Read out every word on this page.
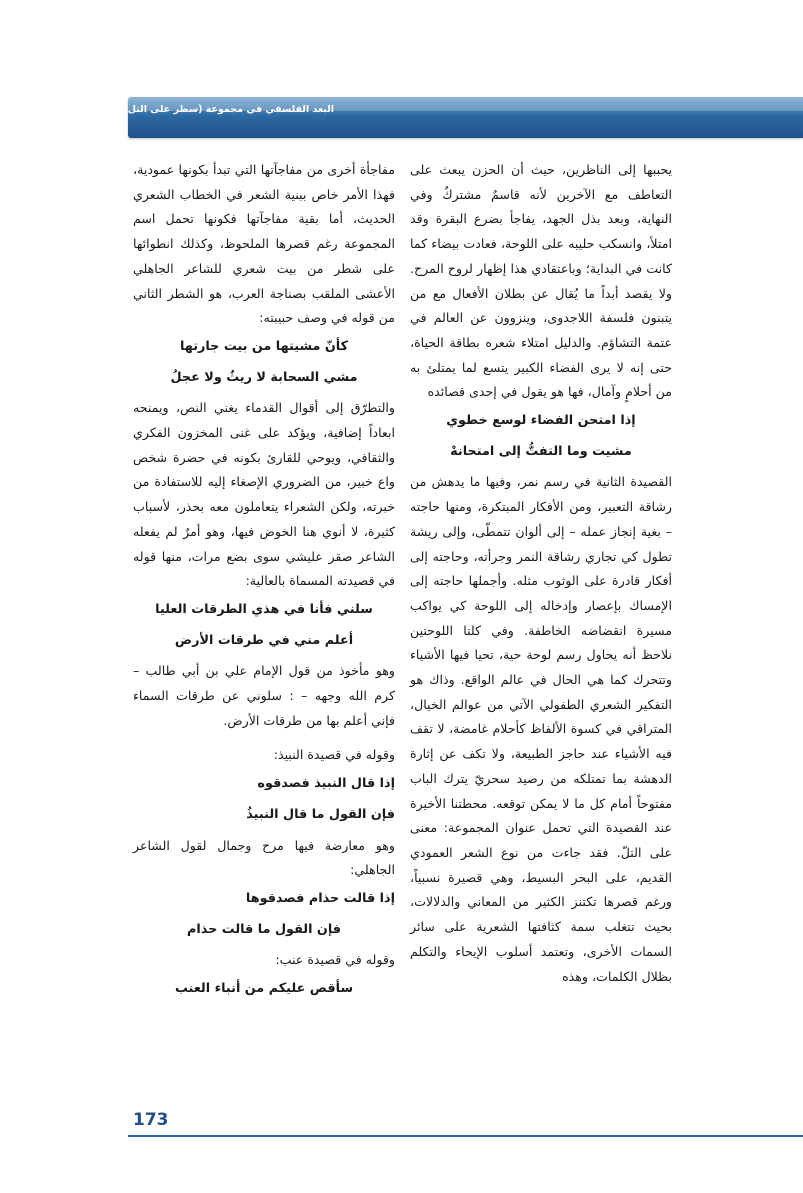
البعد الفلسفي في مجموعة (سطر على التل)

يحببها إلى الناظرين، حيث أن الحزن يبعث على التعاطف مع الآخرين لأنه قاسمٌ مشتركٌ وفي النهاية، وبعد بذل الجهد، يفاجأ بضرع البقرة وقد امتلأ، وانسكب حليبه على اللوحة، فعادت بيضاء كما كانت في البداية؛ وباعتقادي هذا إظهار لروح المرح. ولا يقصد أبداً ما يُقال عن بطلان الأفعال مع من يتبنون فلسفة اللاجدوى، وينزوون عن العالم في عتمة التشاؤم. والدليل امتلاء شعره بطاقة الحياة، حتى إنه لا يرى الفضاء الكبير يتسع لما يمتلئ به من أحلامٍ وآمال، فها هو يقول في إحدى قصائده

إذا امتحن الفضاء لوسع خطوي

مشيت وما التفتُّ إلى امتحانهْ

القصيدة الثانية في رسم نمر، وفيها ما يدهش من رشاقة التعبير، ومن الأفكار المبتكرة، ومنها حاجته – بغية إنجاز عمله – إلى ألوان تتمطّى، وإلى ريشة تطول كي تجاري رشاقة النمر وجرأته، وحاجته إلى أفكار قادرة على الوثوب مثله. وأجملها حاجته إلى الإمساك بإعصار وإدخاله إلى اللوحة كي يواكب مسيرة انقضاضه الخاطفة. وفي كلتا اللوحتين نلاحظ أنه يحاول رسم لوحة حية، تحيا فيها الأشياء وتتحرك كما هي الحال في عالم الواقع. وذاك هو التفكير الشعري الطفولي الآتي من عوالم الخيال، المتراقي في كسوة الألفاظ كأحلام غامضة، لا تقف فيه الأشياء عند حاجز الطبيعة، ولا تكف عن إثارة الدهشة بما تمتلكه من رصيد سحريّ يترك الباب مفتوحاً أمام كل ما لا يمكن توقعه. محطتنا الأخيرة عند القصيدة التي تحمل عنوان المجموعة: معنى على التلّ. فقد جاءت من نوع الشعر العمودي القديم، على البحر البسيط، وهي قصيرة نسبياً، ورغم قصرها تكتنز الكثير من المعاني والدلالات، بحيث تتغلب سمة كثافتها الشعرية على سائر السمات الأخرى، وتعتمد أسلوب الإيحاء والتكلم بظلال الكلمات، وهذه

مفاجأة أخرى من مفاجآتها التي تبدأ بكونها عمودية، فهذا الأمر خاص ببنية الشعر في الخطاب الشعري الحديث، أما بقية مفاجآتها فكونها تحمل اسم المجموعة رغم قصرها الملحوظ، وكذلك انطوائها على شطر من بيت شعري للشاعر الجاهلي الأعشى الملقب بصناجة العرب، هو الشطر الثاني من قوله في وصف حبيبته:

كأنّ مشيتها من بيت جارتها

مشي السحابة لا ريثٌ ولا عجلُ

والتطرّق إلى أقوال القدماء يغني النص، ويمنحه ابعاداً إضافية، ويؤكد على غنى المخزون الفكري والثقافي، ويوحي للقارئ بكونه في حضرة شخص واع خبير، من الضروري الإصغاء إليه للاستفادة من خبرته، ولكن الشعراء يتعاملون معه بحذر، لأسباب كثيرة، لا أنوي هنا الخوض فيها، وهو أمرٌ لم يفعله الشاعر صقر عليشي سوى بضع مرات، منها قوله في قصيدته المسماة بالعالية:

سلني فأنا في هذي الطرقات العليا

أعلم مني في طرقات الأرض

وهو مأخوذ من قول الإمام علي بن أبي طالب – كرم الله وجهه – : سلوني عن طرقات السماء فإني أعلم بها من طرقات الأرض.

وقوله في قصيدة النبيذ:

إذا قال النبيذ فصدقوه

فإن القول ما قال النبيذُ

وهو معارضة فيها مرح وجمال لقول الشاعر الجاهلي:

إذا قالت حذام فصدقوها

فإن القول ما قالت حذام

وقوله في قصيدة عنب:

سأقص عليكم من أنباء العنب

173
